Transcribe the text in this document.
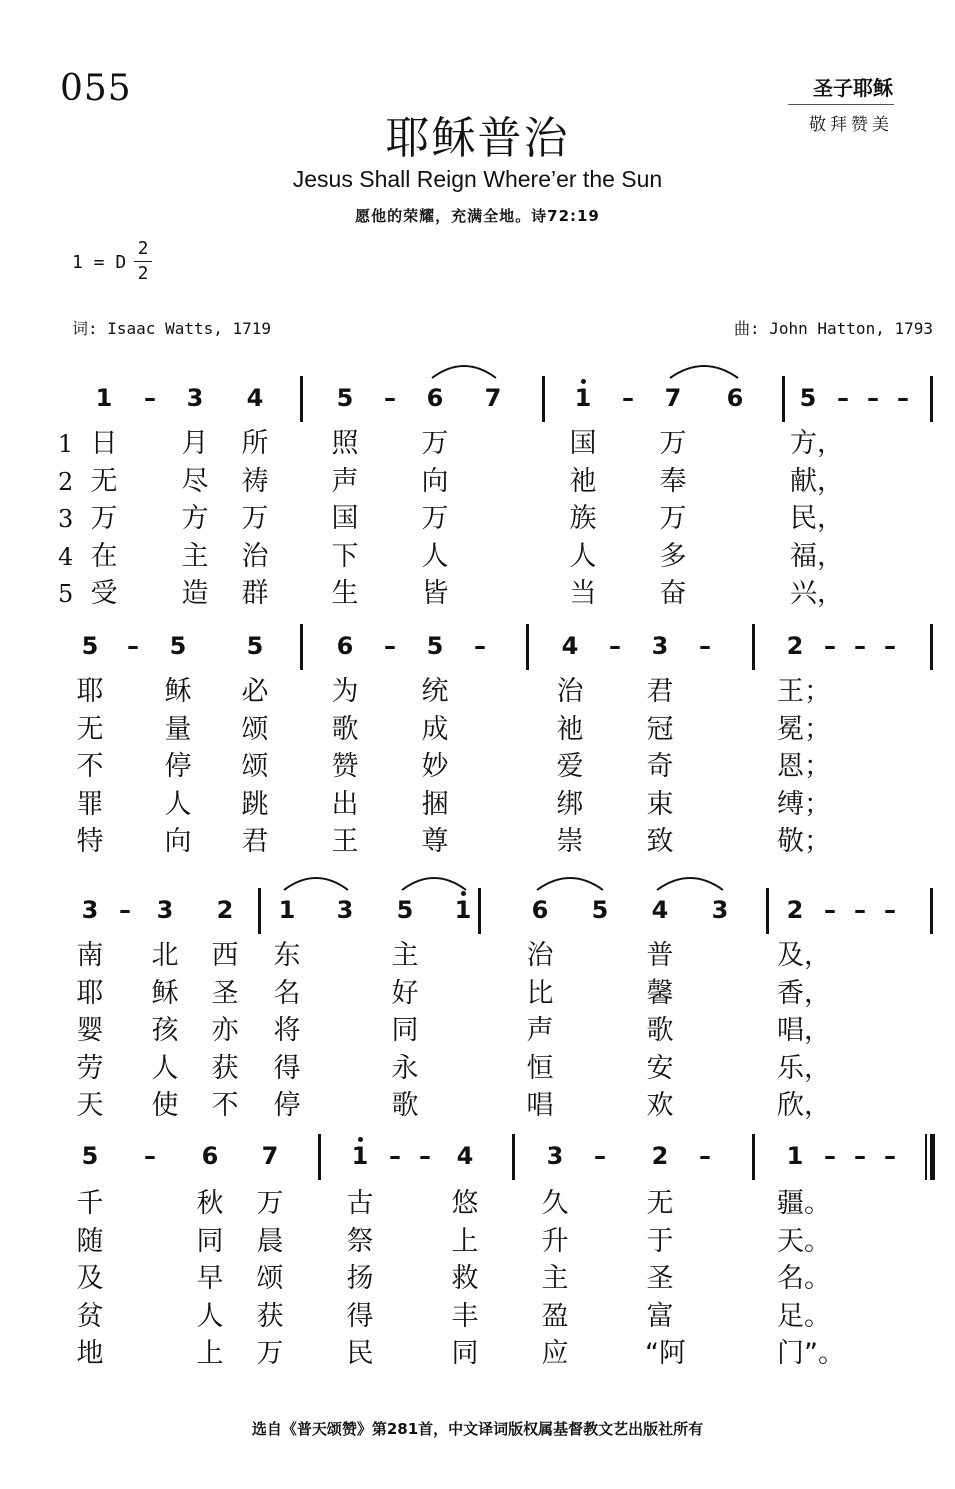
055	圣子耶稣
敬拜赞美
耶稣普治
Jesus Shall Reign Where’er the Sun
愿他的荣耀，充满全地。诗72:19
1 = D
2
2
词: Isaac Watts, 1719	曲: John Hatton, 1793
1	–	3 4	5	–	6 7	1	–	7 6 5 – – –
1 日 月 所 照 万	国 万	方，
2 无 尽 祷 声 向	祂 奉	献，
3 万 方 万 国 万	族 万	民，
4 在 主 治 下 人	人 多	福，
5 受 造 群 生 皆	当 奋	兴，
5	–	5	5	6	–	5	–	4	–	3	–	2 – – –
耶 稣 必 为 统	治 君	王；
无 量 颂 歌 成	祂 冠	冕；
不 停 颂 赞 妙	爱 奇	恩；
罪 人 跳 出 捆	绑 束	缚；
特 向 君 王 尊	崇 致	敬；
3 –	3 2 1 3 5 1	6 5 4 3 2 – – –
南 北 西 东	主	治	普	及，
耶 稣 圣 名	好	比	馨	香，
婴 孩 亦 将	同	声	歌	唱，
劳 人 获 得	永	恒	安	乐，
天 使 不 停	歌	唱	欢	欣，
5	–	6 7	1 – –	4	3	–	2	–	1 – – –
千	秋 万 古	悠 久	无	疆。
随	同 晨 祭	上 升	于	天。
及	早 颂 扬	救 主	圣	名。
贫	人 获 得	丰 盈	富	足。
地	上 万 民	同 应	“阿	门”。
选自《普天颂赞》第281首，中文译词版权属基督教文艺出版社所有
